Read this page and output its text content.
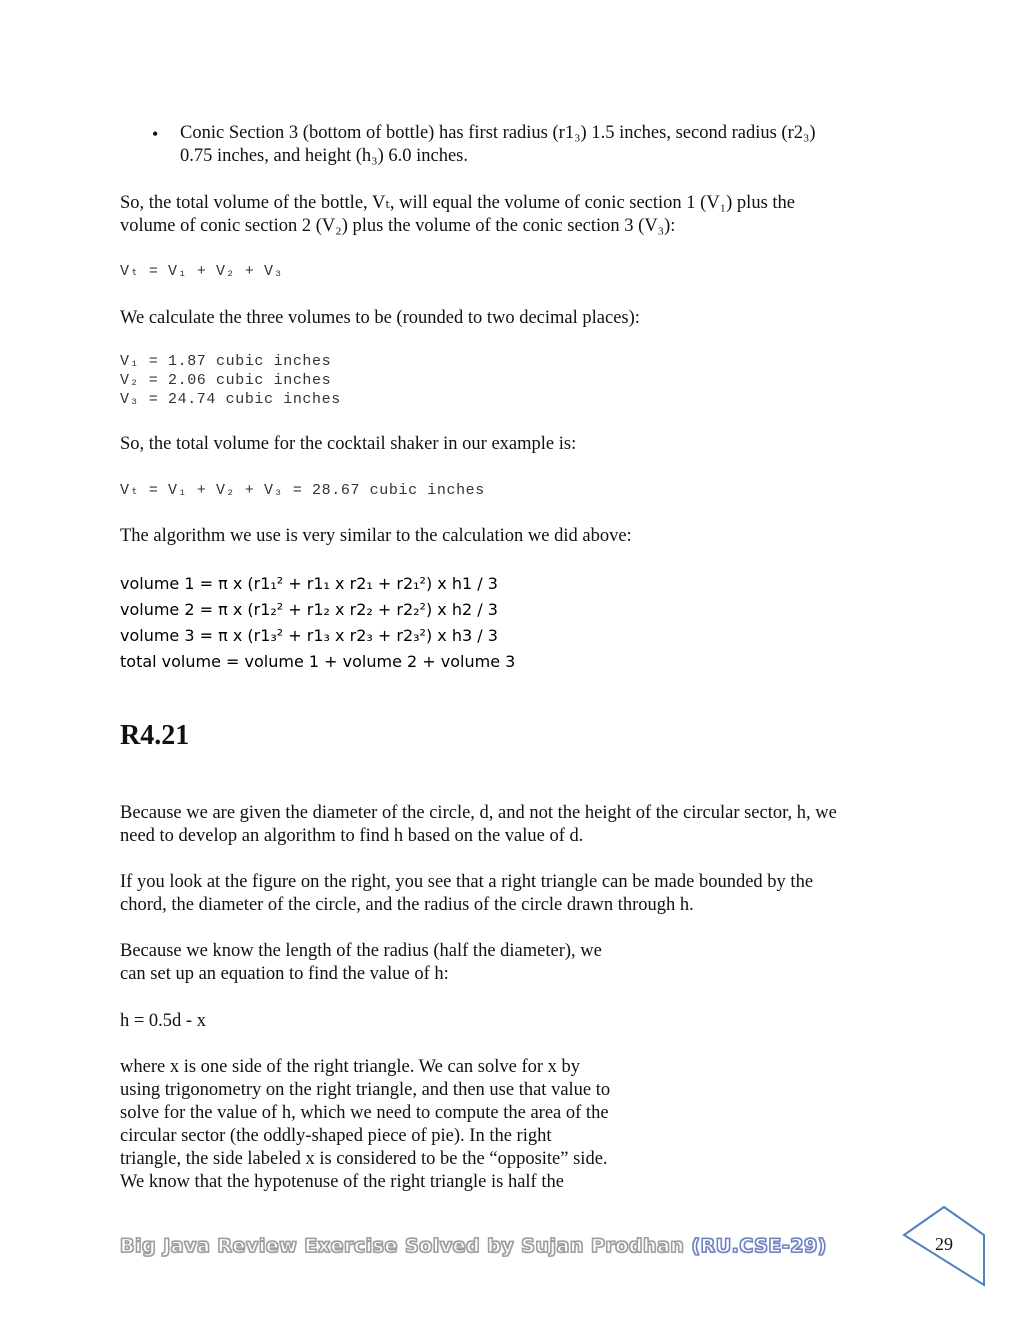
• Conic Section 3 (bottom of bottle) has first radius (r1₃) 1.5 inches, second radius (r2₃)
0.75 inches, and height (h₃) 6.0 inches.
So, the total volume of the bottle, Vₜ, will equal the volume of conic section 1 (V₁) plus the
volume of conic section 2 (V₂) plus the volume of the conic section 3 (V₃):
Vₜ = V₁ + V₂ + V₃
We calculate the three volumes to be (rounded to two decimal places):
V₁ = 1.87 cubic inches
V₂ = 2.06 cubic inches
V₃ = 24.74 cubic inches
So, the total volume for the cocktail shaker in our example is:
Vₜ = V₁ + V₂ + V₃ = 28.67 cubic inches
The algorithm we use is very similar to the calculation we did above:
volume 1 = π x (r1₁² + r1₁ x r2₁ + r2₁²) x h1 / 3
volume 2 = π x (r1₂² + r1₂ x r2₂ + r2₂²) x h2 / 3
volume 3 = π x (r1₃² + r1₃ x r2₃ + r2₃²) x h3 / 3
total volume = volume 1 + volume 2 + volume 3
R4.21
Because we are given the diameter of the circle, d, and not the height of the circular sector, h, we
need to develop an algorithm to find h based on the value of d.
If you look at the figure on the right, you see that a right triangle can be made bounded by the
chord, the diameter of the circle, and the radius of the circle drawn through h.
Because we know the length of the radius (half the diameter), we
can set up an equation to find the value of h:
h = 0.5d - x
where x is one side of the right triangle. We can solve for x by
using trigonometry on the right triangle, and then use that value to
solve for the value of h, which we need to compute the area of the
circular sector (the oddly-shaped piece of pie). In the right
triangle, the side labeled x is considered to be the “opposite” side.
We know that the hypotenuse of the right triangle is half the
Big Java Review Exercise Solved by Sujan Prodhan (RU.CSE-29)	29
